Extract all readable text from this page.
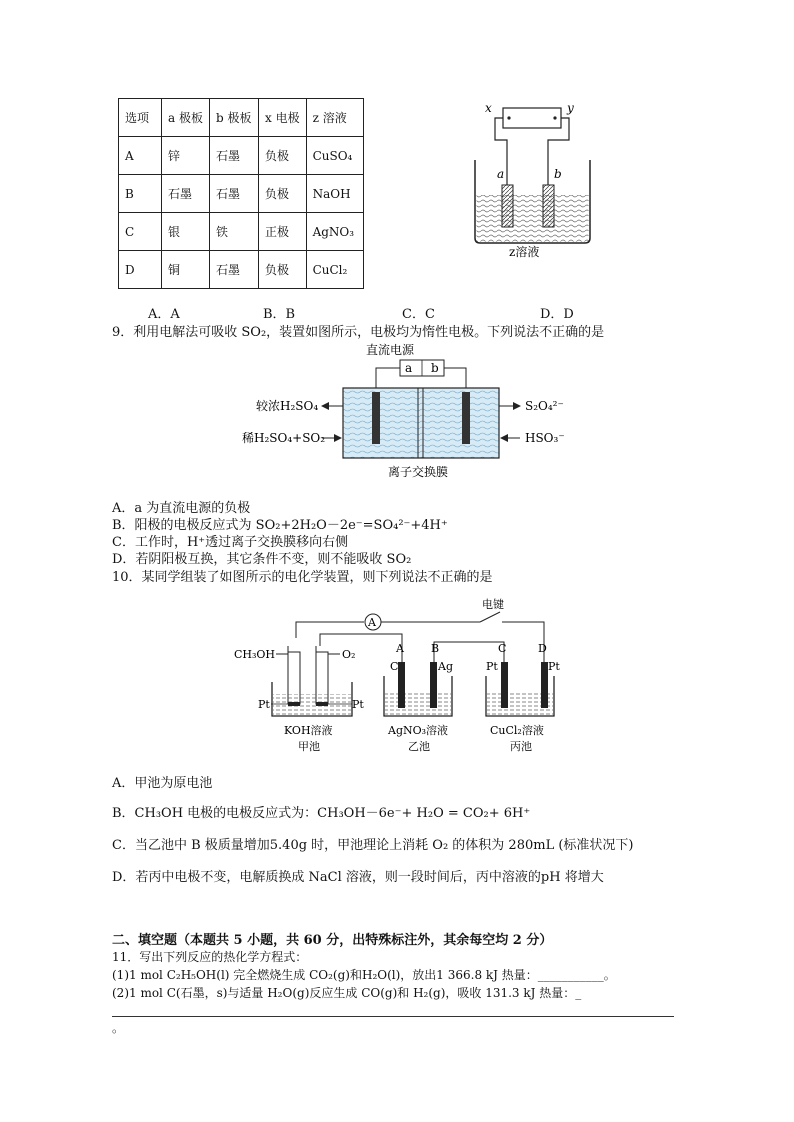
选项	a 极板	b 极板	x 电极	z 溶液
A	锌	石墨	负极	CuSO₄
B	石墨	石墨	负极	NaOH
C	银	铁	正极	AgNO₃
D	铜	石墨	负极	CuCl₂
x	y
a	b
z溶液
A．A	B．B	C．C	D．D
9．利用电解法可吸收 SO₂，装置如图所示，电极均为惰性电极。下列说法不正确的是
直流电源
a b
较浓H₂SO₄
稀H₂SO₄+SO₂
S₂O₄²⁻
HSO₃⁻
离子交换膜
A．a 为直流电源的负极
B．阳极的电极反应式为 SO₂+2H₂O－2e⁻=SO₄²⁻+4H⁺
C．工作时，H⁺透过离子交换膜移向右侧
D．若阴阳极互换，其它条件不变，则不能吸收 SO₂
10．某同学组装了如图所示的电化学装置，则下列说法不正确的是
A
电键
A B	C	D
CH₃OH	O₂
Pt	Pt
KOH溶液
甲池
C	Ag
AgNO₃溶液
乙池
Pt	Pt
CuCl₂溶液
丙池
A．甲池为原电池
B．CH₃OH 电极的电极反应式为：CH₃OH－6e⁻+ H₂O = CO₂+ 6H⁺
C．当乙池中 B 极质量增加5.40g 时，甲池理论上消耗 O₂ 的体积为 280mL (标准状况下)
D．若丙中电极不变，电解质换成 NaCl 溶液，则一段时间后，丙中溶液的pH 将增大
二、填空题（本题共 5 小题，共 60 分，出特殊标注外，其余每空均 2 分）
11．写出下列反应的热化学方程式：
(1)1 mol C₂H₅OH(l) 完全燃烧生成 CO₂(g)和H₂O(l)，放出1 366.8 kJ 热量：___________。
(2)1 mol C(石墨，s)与适量 H₂O(g)反应生成 CO(g)和 H₂(g)，吸收 131.3 kJ 热量：_
。
